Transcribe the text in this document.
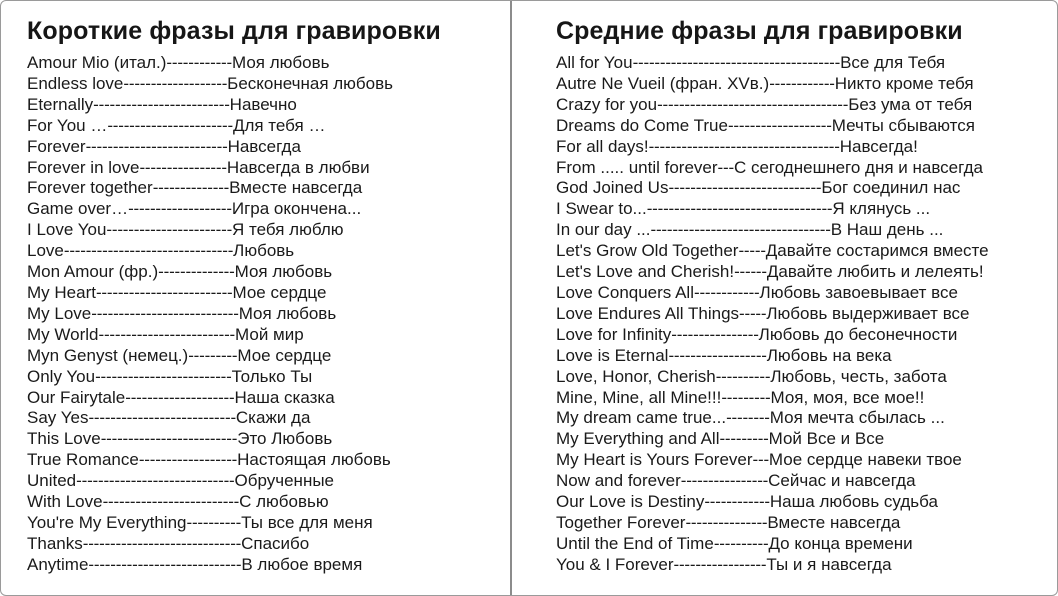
Короткие фразы для гравировки
Amour Mio (итал.) ------------ Моя любовь
Endless love ------------------- Бесконечная любовь
Eternally ------------------------- Навечно
For You … ----------------------- Для тебя …
Forever -------------------------- Навсегда
Forever in love ---------------- Навсегда в любви
Forever together -------------- Вместе навсегда
Game over… ------------------- Игра окончена...
I Love You ----------------------- Я тебя люблю
Love ------------------------------- Любовь
Mon Amour (фр.) -------------- Моя любовь
My Heart ------------------------- Мое сердце
My Love --------------------------- Моя любовь
My World ------------------------- Мой мир
Myn Genyst (немец.) --------- Мое сердце
Only You ------------------------- Только Ты
Our Fairytale -------------------- Наша сказка
Say Yes --------------------------- Скажи да
This Love ------------------------- Это Любовь
True Romance ------------------ Настоящая любовь
United ----------------------------- Обрученные
With Love ------------------------- С любовью
You're My Everything ---------- Ты все для меня
Thanks ----------------------------- Спасибо
Anytime ---------------------------- В любое время
Средние фразы для гравировки
All for You -------------------------------------- Все для Тебя
Autre Ne Vueil (фран. XVв.) ------------ Никто кроме тебя
Crazy for you ----------------------------------- Без ума от тебя
Dreams do Come True ------------------- Мечты сбываются
For all days! ----------------------------------- Навсегда!
From ..... until forever --- С сегоднешнего дня и навсегда
God Joined Us ---------------------------- Бог соединил нас
I Swear to... ---------------------------------- Я клянусь ...
In our day ... --------------------------------- В Наш день ...
Let's Grow Old Together ----- Давайте состаримся вместе
Let's Love and Cherish! ------ Давайте любить и лелеять!
Love Conquers All ------------ Любовь завоевывает все
Love Endures All Things ----- Любовь выдерживает все
Love for Infinity ---------------- Любовь до бесонечности
Love is Eternal ------------------ Любовь на века
Love, Honor, Cherish ---------- Любовь, честь, забота
Mine, Mine, all Mine!!! --------- Моя, моя, все мое!!
My dream came true... -------- Моя мечта сбылась ...
My Everything and All --------- Мой Все и Все
My Heart is Yours Forever --- Мое сердце навеки твое
Now and forever ---------------- Сейчас и навсегда
Our Love is Destiny ------------ Наша любовь судьба
Together Forever --------------- Вместе навсегда
Until the End of Time ---------- До конца времени
You & I Forever ----------------- Ты и я навсегда
